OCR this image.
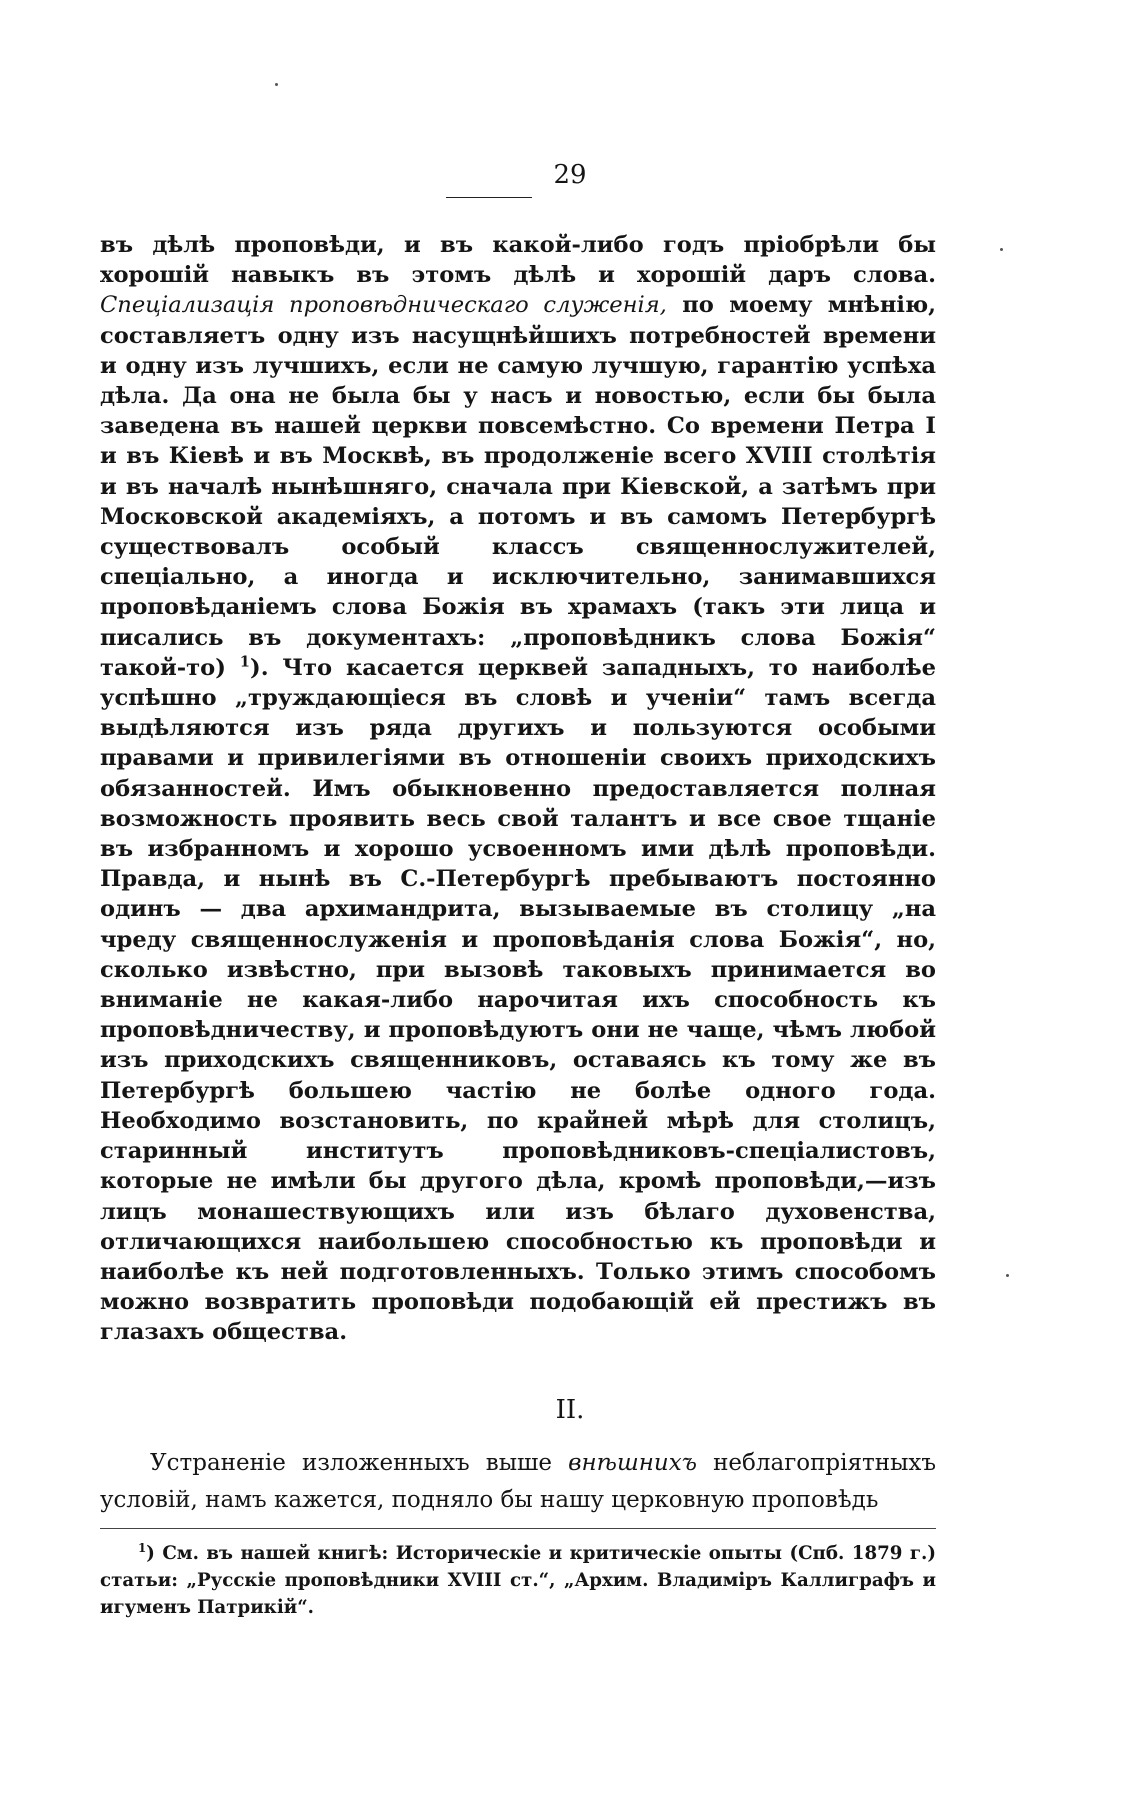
29

въ дѣлѣ проповѣди, и въ какой-либо годъ пріобрѣли бы хорошій навыкъ въ этомъ дѣлѣ и хорошій даръ слова. Спеціализація проповѣдническаго служенія, по моему мнѣнію, составляетъ одну изъ насущнѣйшихъ потребностей времени и одну изъ лучшихъ, если не самую лучшую, гарантію успѣха дѣла. Да она не была бы у насъ и новостью, если бы была заведена въ нашей церкви повсемѣстно. Со времени Петра I и въ Кіевѣ и въ Москвѣ, въ продолженіе всего XVIII столѣтія и въ началѣ нынѣшняго, сначала при Кіевской, а затѣмъ при Московской академіяхъ, а потомъ и въ самомъ Петербургѣ существовалъ особый классъ священнослужителей, спеціально, а иногда и исключительно, занимавшихся проповѣданіемъ слова Божія въ храмахъ (такъ эти лица и писались въ документахъ: „проповѣдникъ слова Божія“ такой-то) $^1$). Что касается церквей западныхъ, то наиболѣе успѣшно „труждающіеся въ словѣ и ученіи“ тамъ всегда выдѣляются изъ ряда другихъ и пользуются особыми правами и привилегіями въ отношеніи своихъ приходскихъ обязанностей. Имъ обыкновенно предоставляется полная возможность проявить весь свой талантъ и все свое тщаніе въ избранномъ и хорошо усвоенномъ ими дѣлѣ проповѣди. Правда, и нынѣ въ С.-Петербургѣ пребываютъ постоянно одинъ — два архимандрита, вызываемые въ столицу „на чреду священнослуженія и проповѣданія слова Божія“, но, сколько извѣстно, при вызовѣ таковыхъ принимается во вниманіе не какая-либо нарочитая ихъ способность къ проповѣдничеству, и проповѣдуютъ они не чаще, чѣмъ любой изъ приходскихъ священниковъ, оставаясь къ тому же въ Петербургѣ большею частію не болѣе одного года. Необходимо возстановить, по крайней мѣрѣ для столицъ, старинный институтъ проповѣдниковъ-спеціалистовъ, которые не имѣли бы другого дѣла, кромѣ проповѣди,—изъ лицъ монашествующихъ или изъ бѣлаго духовенства, отличающихся наибольшею способностью къ проповѣди и наиболѣе къ ней подготовленныхъ. Только этимъ способомъ можно возвратить проповѣди подобающій ей престижъ въ глазахъ общества.

II.

Устраненіе изложенныхъ выше внѣшнихъ неблагопріятныхъ условій, намъ кажется, подняло бы нашу церковную проповѣдь

$^1$) См. въ нашей книгѣ: Историческіе и критическіе опыты (Спб. 1879 г.) статьи: „Русскіе проповѣдники XVIII ст.“, „Архим. Владиміръ Каллиграфъ и игуменъ Патрикій“.
